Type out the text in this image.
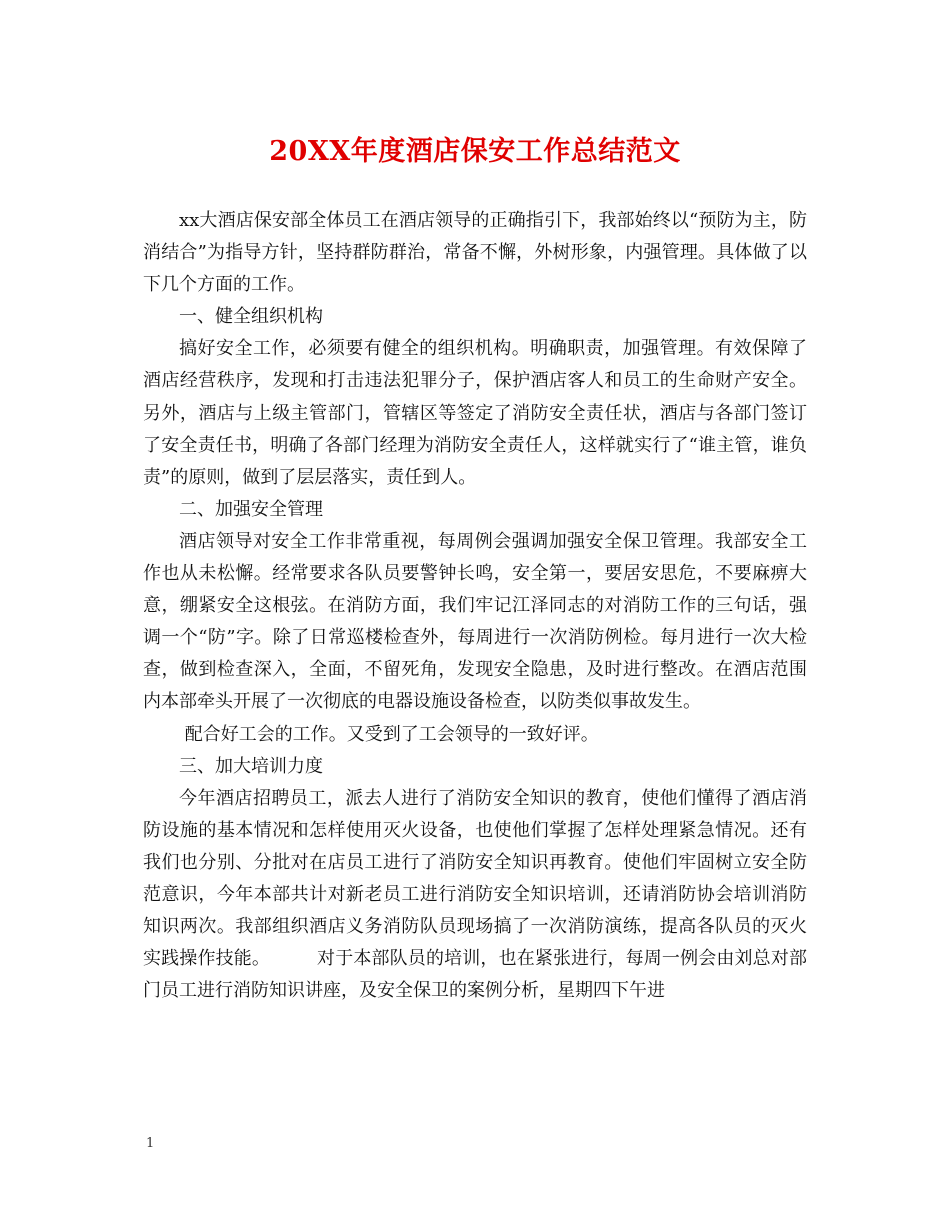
20XX年度酒店保安工作总结范文

xx大酒店保安部全体员工在酒店领导的正确指引下，我部始终以“预防为主，防消结合”为指导方针，坚持群防群治，常备不懈，外树形象，内强管理。具体做了以下几个方面的工作。

一、健全组织机构

搞好安全工作，必须要有健全的组织机构。明确职责，加强管理。有效保障了酒店经营秩序，发现和打击违法犯罪分子，保护酒店客人和员工的生命财产安全。        另外，酒店与上级主管部门，管辖区等签定了消防安全责任状，酒店与各部门签订了安全责任书，明确了各部门经理为消防安全责任人，这样就实行了“谁主管，谁负责”的原则，做到了层层落实，责任到人。

二、加强安全管理

酒店领导对安全工作非常重视，每周例会强调加强安全保卫管理。我部安全工作也从未松懈。经常要求各队员要警钟长鸣，安全第一，要居安思危，不要麻痹大意，绷紧安全这根弦。在消防方面，我们牢记江泽同志的对消防工作的三句话，强调一个“防”字。除了日常巡楼检查外，每周进行一次消防例检。每月进行一次大检查，做到检查深入，全面，不留死角，发现安全隐患，及时进行整改。在酒店范围内本部牵头开展了一次彻底的电器设施设备检查，以防类似事故发生。

配合好工会的工作。又受到了工会领导的一致好评。

三、加大培训力度

今年酒店招聘员工，派去人进行了消防安全知识的教育，使他们懂得了酒店消防设施的基本情况和怎样使用灭火设备，也使他们掌握了怎样处理紧急情况。还有我们也分别、分批对在店员工进行了消防安全知识再教育。使他们牢固树立安全防范意识，今年本部共计对新老员工进行消防安全知识培训，还请消防协会培训消防知识两次。我部组织酒店义务消防队员现场搞了一次消防演练，提高各队员的灭火实践操作技能。        对于本部队员的培训，也在紧张进行，每周一例会由刘总对部门员工进行消防知识讲座，及安全保卫的案例分析，星期四下午进

1
